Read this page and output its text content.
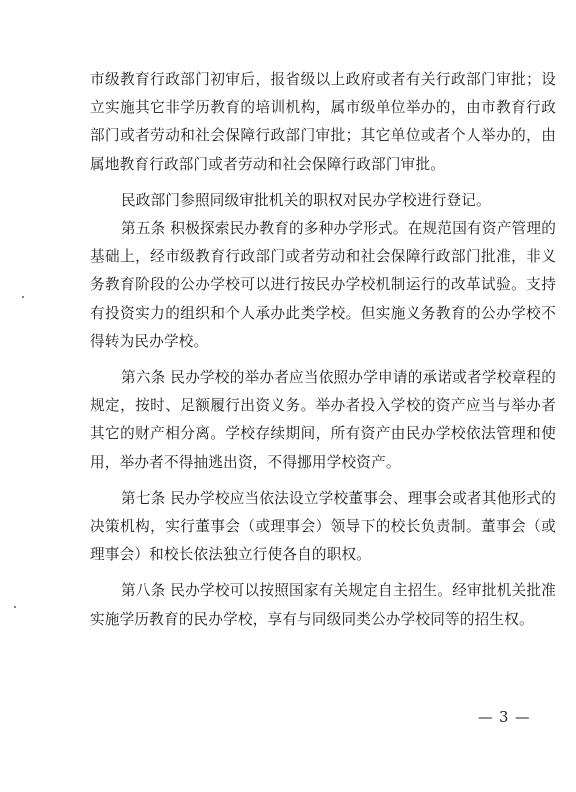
市级教育行政部门初审后，报省级以上政府或者有关行政部门审批；设立实施其它非学历教育的培训机构，属市级单位举办的，由市教育行政部门或者劳动和社会保障行政部门审批；其它单位或者个人举办的，由属地教育行政部门或者劳动和社会保障行政部门审批。

民政部门参照同级审批机关的职权对民办学校进行登记。

第五条 积极探索民办教育的多种办学形式。在规范国有资产管理的基础上，经市级教育行政部门或者劳动和社会保障行政部门批准，非义务教育阶段的公办学校可以进行按民办学校机制运行的改革试验。支持有投资实力的组织和个人承办此类学校。但实施义务教育的公办学校不得转为民办学校。

第六条 民办学校的举办者应当依照办学申请的承诺或者学校章程的规定，按时、足额履行出资义务。举办者投入学校的资产应当与举办者其它的财产相分离。学校存续期间，所有资产由民办学校依法管理和使用，举办者不得抽逃出资，不得挪用学校资产。

第七条 民办学校应当依法设立学校董事会、理事会或者其他形式的决策机构，实行董事会（或理事会）领导下的校长负责制。董事会（或理事会）和校长依法独立行使各自的职权。

第八条 民办学校可以按照国家有关规定自主招生。经审批机关批准实施学历教育的民办学校，享有与同级同类公办学校同等的招生权。

— 3 —
